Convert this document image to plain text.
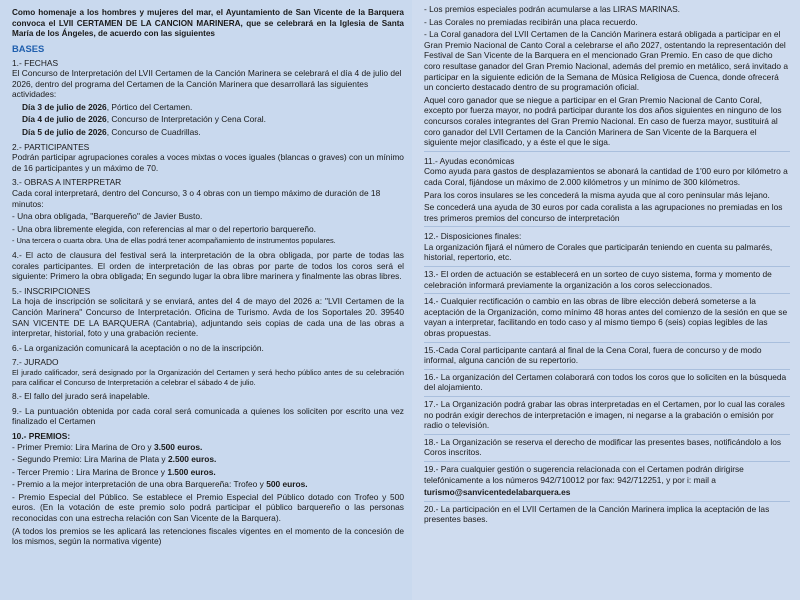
Como homenaje a los hombres y mujeres del mar, el Ayuntamiento de San Vicente de la Barquera convoca el LVII CERTAMEN DE LA CANCION MARINERA, que se celebrará en la Iglesia de Santa María de los Ángeles, de acuerdo con las siguientes

BASES
1.- FECHAS

El Concurso de Interpretación del LVII Certamen de la Canción Marinera se celebrará el día 4 de julio del 2026, dentro del programa del Certamen de la Canción Marinera que desarrollará las siguientes actividades:

Día 3 de julio de 2026, Pórtico del Certamen.
Día 4 de julio de 2026, Concurso de Interpretación y Cena Coral.
Día 5 de julio de 2026, Concurso de Cuadrillas.
2.- PARTICIPANTES

Podrán participar agrupaciones corales a voces mixtas o voces iguales (blancas o graves) con un mínimo de 16 participantes y un máximo de 70.

3.- OBRAS A INTERPRETAR

Cada coral interpretará, dentro del Concurso, 3 o 4 obras con un tiempo máximo de duración de 18 minutos:

- Una obra obligada, "Barquereño" de Javier Busto.
- Una obra libremente elegida, con referencias al mar o del repertorio barquereño.
- Una tercera o cuarta obra. Una de ellas podrá tener acompañamiento de instrumentos populares.

4.- El acto de clausura del festival será la interpretación de la obra obligada, por parte de todas las corales participantes. El orden de interpretación de las obras por parte de todos los coros será el siguiente: Primero la obra obligada; En segundo lugar la obra libre marinera y finalmente las obras libres.

5.- INSCRIPCIONES

La hoja de inscripción se solicitará y se enviará, antes del 4 de mayo del 2026 a: "LVII Certamen de la Canción Marinera" Concurso de Interpretación. Oficina de Turismo. Avda de los Soportales 20. 39540 SAN VICENTE DE LA BARQUERA (Cantabria), adjuntando seis copias de cada una de las obras a interpretar, historial, foto y una grabación reciente.

6.- La organización comunicará la aceptación o no de la inscripción.

7.- JURADO

El jurado calificador, será designado por la Organización del Certamen y será hecho público antes de su celebración para calificar el Concurso de Interpretación a celebrar el sábado 4 de julio.

8.- El fallo del jurado será inapelable.

9.- La puntuación obtenida por cada coral será comunicada a quienes los soliciten por escrito una vez finalizado el Certamen

10.- PREMIOS:
- Primer Premio: Lira Marina de Oro y 3.500 euros.
- Segundo Premio: Lira Marina de Plata y 2.500 euros.
- Tercer Premio : Lira Marina de Bronce y 1.500 euros.
- Premio a la mejor interpretación de una obra Barquereña: Trofeo y 500 euros.

- Premio Especial del Público. Se establece el Premio Especial del Público dotado con Trofeo y 500 euros. (En la votación de este premio solo podrá participar el público barquereño o las personas reconocidas con una estrecha relación con San Vicente de la Barquera).

(A todos los premios se les aplicará las retenciones fiscales vigentes en el momento de la concesión de los mismos, según la normativa vigente)

- Los premios especiales podrán acumularse a las LIRAS MARINAS.
- Las Corales no premiadas recibirán una placa recuerdo.

- La Coral ganadora del LVII Certamen de la Canción Marinera estará obligada a participar en el Gran Premio Nacional de Canto Coral a celebrarse el año 2027, ostentando la representación del Festival de San Vicente de la Barquera en el mencionado Gran Premio. En caso de que dicho coro resultase ganador del Gran Premio Nacional, además del premio en metálico, será invitado a participar en la siguiente edición de la Semana de Música Religiosa de Cuenca, donde ofrecerá un concierto destacado dentro de su programación oficial.

Aquel coro ganador que se niegue a participar en el Gran Premio Nacional de Canto Coral, excepto por fuerza mayor, no podrá participar durante los dos años siguientes en ninguno de los concursos corales integrantes del Gran Premio Nacional. En caso de fuerza mayor, sustituirá al coro ganador del LVII Certamen de la Canción Marinera de San Vicente de la Barquera el siguiente mejor clasificado, y a éste el que le siga.

11.- Ayudas económicas

Como ayuda para gastos de desplazamientos se abonará la cantidad de 1'00 euro por kilómetro a cada Coral, fijándose un máximo de 2.000 kilómetros y un mínimo de 300 kilómetros.

Para los coros insulares se les concederá la misma ayuda que al coro peninsular más lejano.

Se concederá una ayuda de 30 euros por cada coralista a las agrupaciones no premiadas en los tres primeros premios del concurso de interpretación

12.- Disposiciones finales:

La organización fijará el número de Corales que participarán teniendo en cuenta su palmarés, historial, repertorio, etc.

13.- El orden de actuación se establecerá en un sorteo de cuyo sistema, forma y momento de celebración informará previamente la organización a los coros seleccionados.

14.- Cualquier rectificación o cambio en las obras de libre elección deberá someterse a la aceptación de la Organización, como mínimo 48 horas antes del comienzo de la sesión en que se vayan a interpretar, facilitando en todo caso y al mismo tiempo 6 (seis) copias legibles de las obras propuestas.

15.-Cada Coral participante cantará al final de la Cena Coral, fuera de concurso y de modo informal, alguna canción de su repertorio.

16.- La organización del Certamen colaborará con todos los coros que lo soliciten en la búsqueda del alojamiento.

17.- La Organización podrá grabar las obras interpretadas en el Certamen, por lo cual las corales no podrán exigir derechos de interpretación e imagen, ni negarse a la grabación o emisión por radio o televisión.

18.- La Organización se reserva el derecho de modificar las presentes bases, notificándolo a los Coros inscritos.

19.- Para cualquier gestión o sugerencia relacionada con el Certamen podrán dirigirse telefónicamente a los números 942/710012 por fax: 942/712251, y por i: mail a

turismo@sanvicentedelabarquera.es

20.- La participación en el LVII Certamen de la Canción Marinera implica la aceptación de las presentes bases.
